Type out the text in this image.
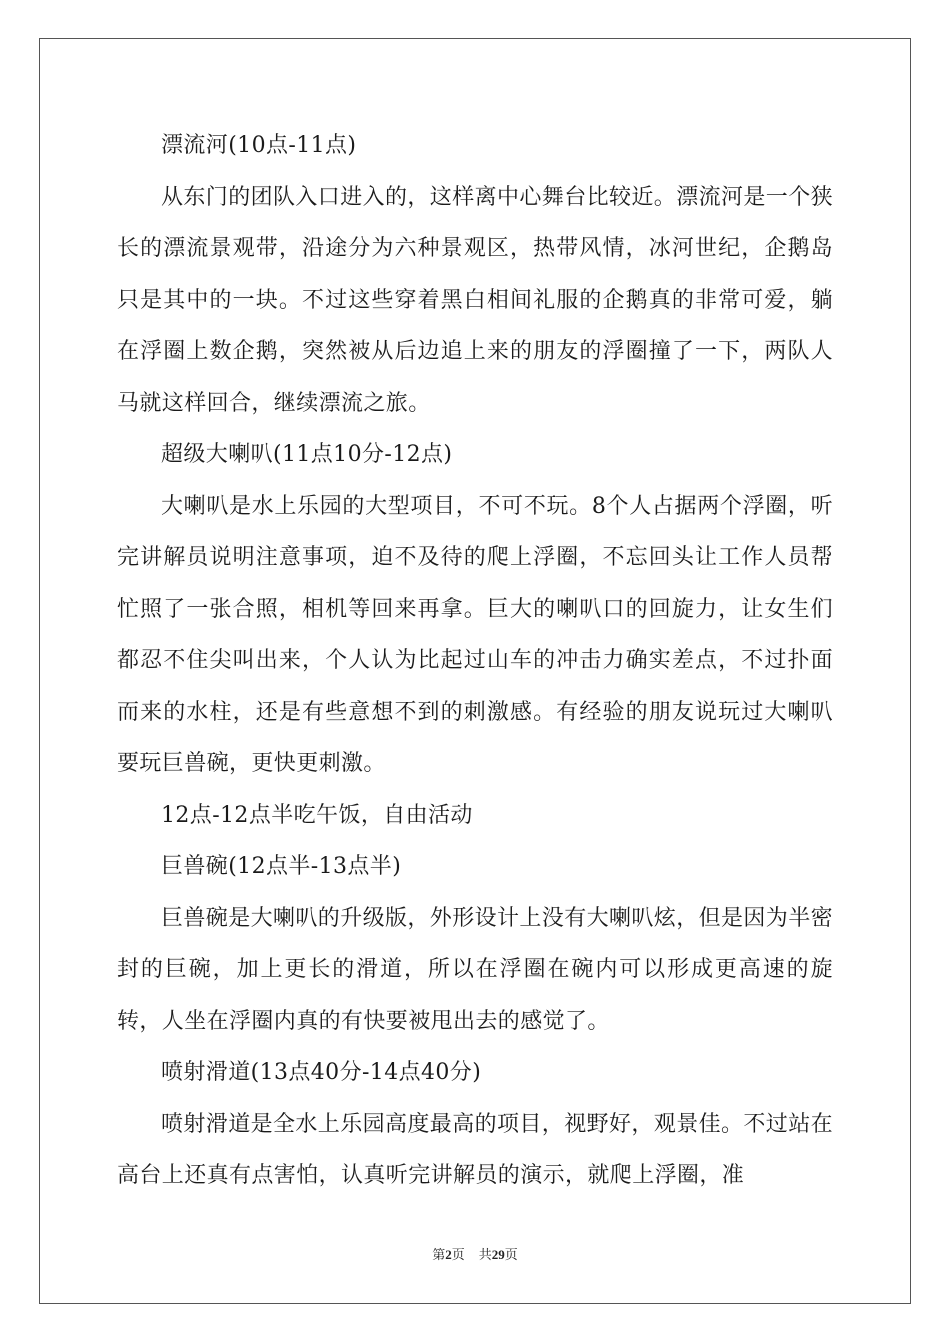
漂流河(10点-11点)

从东门的团队入口进入的，这样离中心舞台比较近。漂流河是一个狭长的漂流景观带，沿途分为六种景观区，热带风情，冰河世纪，企鹅岛只是其中的一块。不过这些穿着黑白相间礼服的企鹅真的非常可爱，躺在浮圈上数企鹅，突然被从后边追上来的朋友的浮圈撞了一下，两队人马就这样回合，继续漂流之旅。

超级大喇叭(11点10分-12点)

大喇叭是水上乐园的大型项目，不可不玩。8个人占据两个浮圈，听完讲解员说明注意事项，迫不及待的爬上浮圈，不忘回头让工作人员帮忙照了一张合照，相机等回来再拿。巨大的喇叭口的回旋力，让女生们都忍不住尖叫出来，个人认为比起过山车的冲击力确实差点，不过扑面而来的水柱，还是有些意想不到的刺激感。有经验的朋友说玩过大喇叭要玩巨兽碗，更快更刺激。

12点-12点半吃午饭，自由活动

巨兽碗(12点半-13点半)

巨兽碗是大喇叭的升级版，外形设计上没有大喇叭炫，但是因为半密封的巨碗，加上更长的滑道，所以在浮圈在碗内可以形成更高速的旋转，人坐在浮圈内真的有快要被甩出去的感觉了。

喷射滑道(13点40分-14点40分)

喷射滑道是全水上乐园高度最高的项目，视野好，观景佳。不过站在高台上还真有点害怕，认真听完讲解员的演示，就爬上浮圈，准

第2页 共29页
